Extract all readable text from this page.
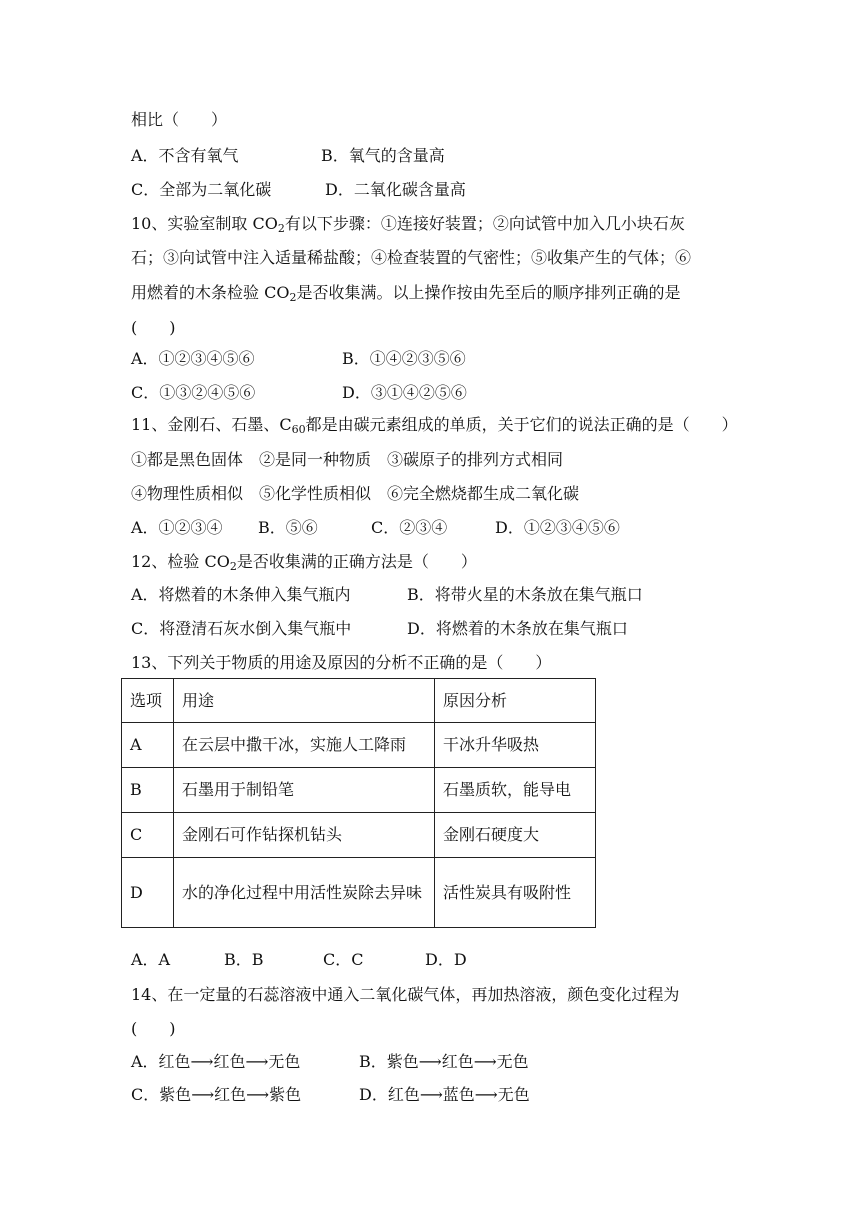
相比（　　）
A．不含有氧气	B．氧气的含量高
C．全部为二氧化碳	D．二氧化碳含量高
10、实验室制取 $CO_2$有以下步骤：①连接好装置；②向试管中加入几小块石灰
石；③向试管中注入适量稀盐酸；④检查装置的气密性；⑤收集产生的气体；⑥
用燃着的木条检验 $CO_2$是否收集满。以上操作按由先至后的顺序排列正确的是
(　　)
A．①②③④⑤⑥	B．①④②③⑤⑥
C．①③②④⑤⑥	D．③①④②⑤⑥
11、金刚石、石墨、$C_{60}$都是由碳元素组成的单质，关于它们的说法正确的是（　　）
①都是黑色固体　②是同一种物质　③碳原子的排列方式相同
④物理性质相似　⑤化学性质相似　⑥完全燃烧都生成二氧化碳
A．①②③④ B．⑤⑥	C．②③④	D．①②③④⑤⑥
12、检验 $CO_2$是否收集满的正确方法是（　　）
A．将燃着的木条伸入集气瓶内	B．将带火星的木条放在集气瓶口
C．将澄清石灰水倒入集气瓶中	D．将燃着的木条放在集气瓶口
13、下列关于物质的用途及原因的分析不正确的是（　　）
选项	用途	原因分析
A	在云层中撒干冰，实施人工降雨	干冰升华吸热
B	石墨用于制铅笔	石墨质软，能导电
C	金刚石可作钻探机钻头	金刚石硬度大
D	水的净化过程中用活性炭除去异味	活性炭具有吸附性
A．A	B．B	C．C	D．D
14、在一定量的石蕊溶液中通入二氧化碳气体，再加热溶液，颜色变化过程为
(　　)
A．红色⟶红色⟶无色	B．紫色⟶红色⟶无色
C．紫色⟶红色⟶紫色	D．红色⟶蓝色⟶无色
